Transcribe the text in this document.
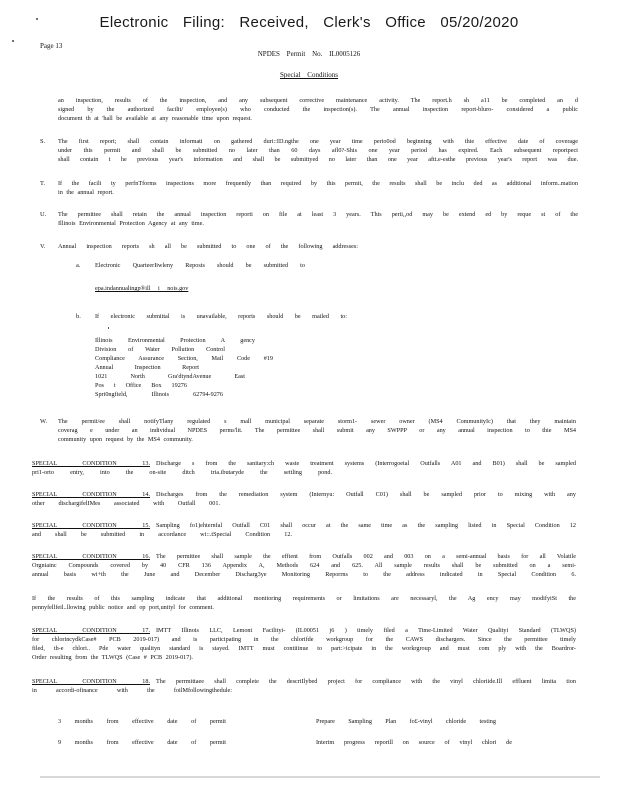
Electronic Filing: Received, Clerk's Office 05/20/2020
Page 13
NPDES Permit No. IL0005126
Special Conditions
an inspection, results of the inspection, and any subsequent corrective maintenance activity. The report.h sh a11 be completed an d
signed by the authorized facilit/ employee(s) who conducted the inspection(s). The annual inspection report-bluro- considered a public
document th at 'hall be available at any reasonable time upon request.
S. The first report; shall contain informati on gathered duri::ID.ngthe one year time perio0od beginning with thie effective date of coverage
under this permit and shall be submitted no later than 60 days afl0?-Shis one year period has expired. Each subsequent reportpect
shall contain t he previous year's information and shall be submittyed no later than one year aftt.e-esthe previous year's report was due.
T. If the facili ty perfnTforms inspections more frequently than required by this permit, the results shall be inclu ded as additional inform..mation
in the annual report.
U. The permittee shall retain the annual inspection reporti on file at least 3 years. This perii,,od may be extend ed by reque st of the
Illinois Environmental Protection Agency at any time.
V. Annual inspection reports sh all be submitted to one of the following addresses:
a. Electronic QuarteerIiwleny Reposts should be submitted to
epa.indannualingp®ill i nois.gov
b. If electronic submittal is unavailable, reports should be mailed to:
Illinois Environmental Protection A gency
Division of Water Pollution Control
Compliance Assurance Section, Mail Code #19
Annual Inspection Report
1021 North Gra'dtyndAvenue East
Pos t Office Box 19276
Spri0ngfield, Illinois 62794-9276
W. The permit/ee shall notifyTlany regulated s mall municipal separate storm1- sewer owner (MS4 CommunityIc) that they maintain
coverag e under an individual NPDES perms'lit. The permittee shall submit any SWPPP or any annual inspection to thie MS4
community upon request by the MS4 community.
SPECIAL CONDITION 13. Discharge s from the sanitary:ch waste treatment systems (Interrogoetal Outfalls A01 and B01) shall be sampled
pri1-orto entry, into the on-site ditch tria.ibutaryde the settling pond.
SPECIAL CONDITION 14. Discharges from the remediation system (Internyu: Outfall C01) shall be sampled prior to mixing with any
other dischargifelIMes associated with Outfall 001.
SPECIAL CONDITION 15. Sampling fo1)ehternfal Outfall C01 shall occur at the same time as the sampling listed in Special Condition 12
and shall be submitted in accordance wi::.tSpecial Condition 12.
SPECIAL CONDITION 16. The permittee shall sample the effient from Outfalls 002 and 003 on a semi-annual basis for all Volatile
Orgniainc Compounds covered by 40 CFR 136 Appendix A, Methods 624 and 625. All sample results shall be submitted on a semi-
annual basis wi+th the June and December Discharg3ye Monitoring Reporrns to the address indicated in Special Condition 6.
If the results of this sampling indicate that additional monitoring requirements or limitations are necessaryl, the Ag ency may modifyiSt the
pennyfellfeil..llowing public notice and op port,unityl for comment.
SPECIAL CONDITION 17. IMTT Illinois LLC, Lemont Facilityi- (IL00051 j6 ) timely filed a Time-Limited Water Qualityi Standard (TLWQS)
for chlorincydkCase# PCB 2019-017) and is participating in the chlorifde workgroup for the CAWS dischargers. Since the permittee timely
filed, th-e chlori.. Pde water qualityn standard is stayed. IMTT must contiiinue to part:>icipate in the workrgroup and must com ply with the Boardror-
Order resulting from the TLWQS (Case # PCB 2019-017).
SPECIAL CONDITION 18. The perrmittaee shall complete the descriIlybed project for compliance with the vinyl chloriide.Ill effluent limita tion
in accordi-ofinance with the foilMfollowingthedule:
3 months from effective date of permit	Prepare Sampling Plan fo£-vinyl chloride testing
9 months from effective date of permit	Interim progress reportll on source of vinyl chlori de
